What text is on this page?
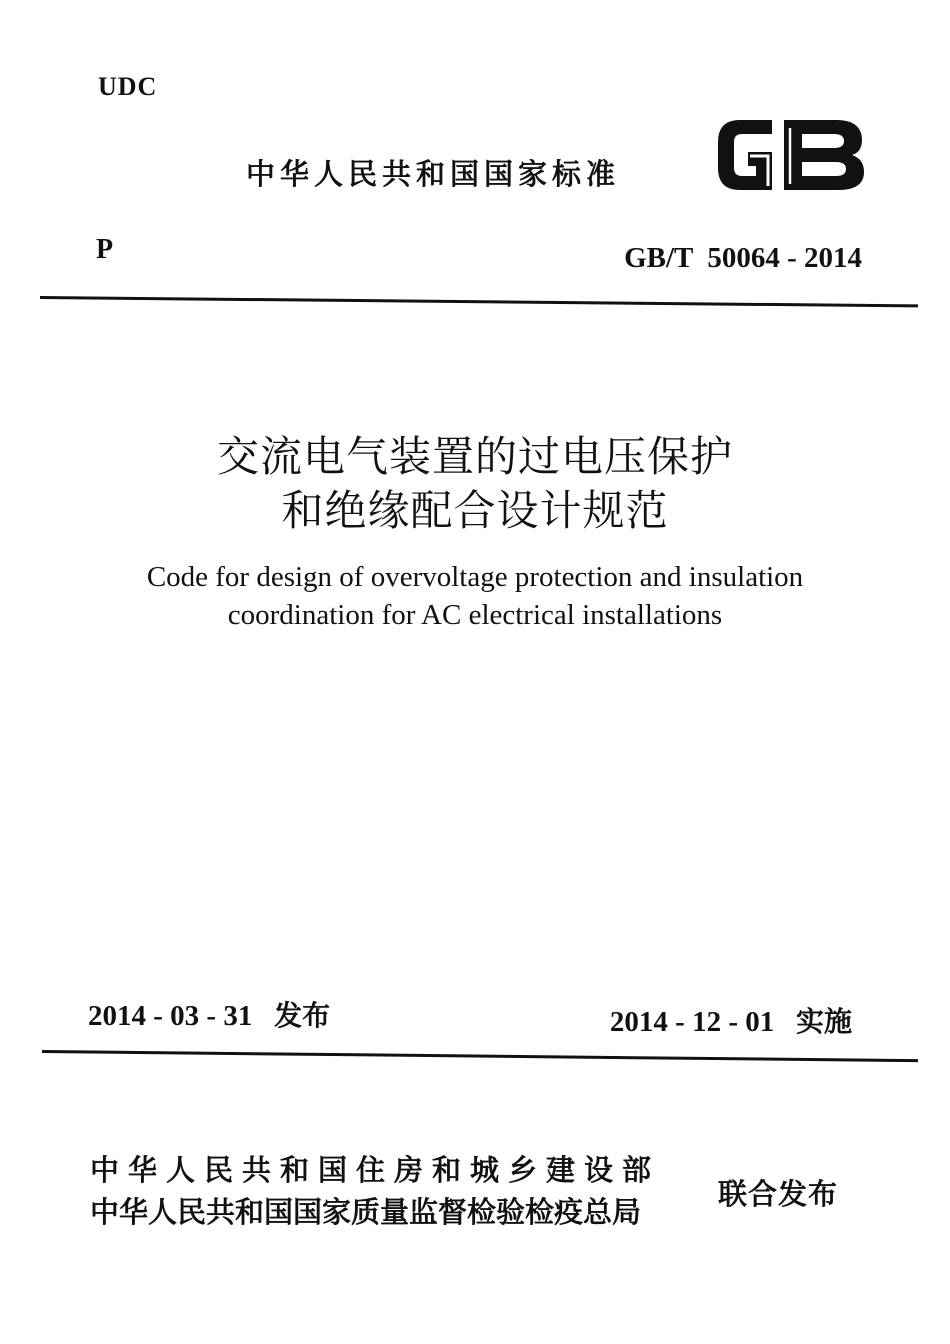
UDC
中华人民共和国国家标准
P	GB/T  50064 - 2014
交流电气装置的过电压保护
和绝缘配合设计规范
Code for design of overvoltage protection and insulation
coordination for AC electrical installations
2014 - 03 - 31 发布	2014 - 12 - 01 实施
中华人民共和国住房和城乡建设部
中华人民共和国国家质量监督检验检疫总局
联合发布
